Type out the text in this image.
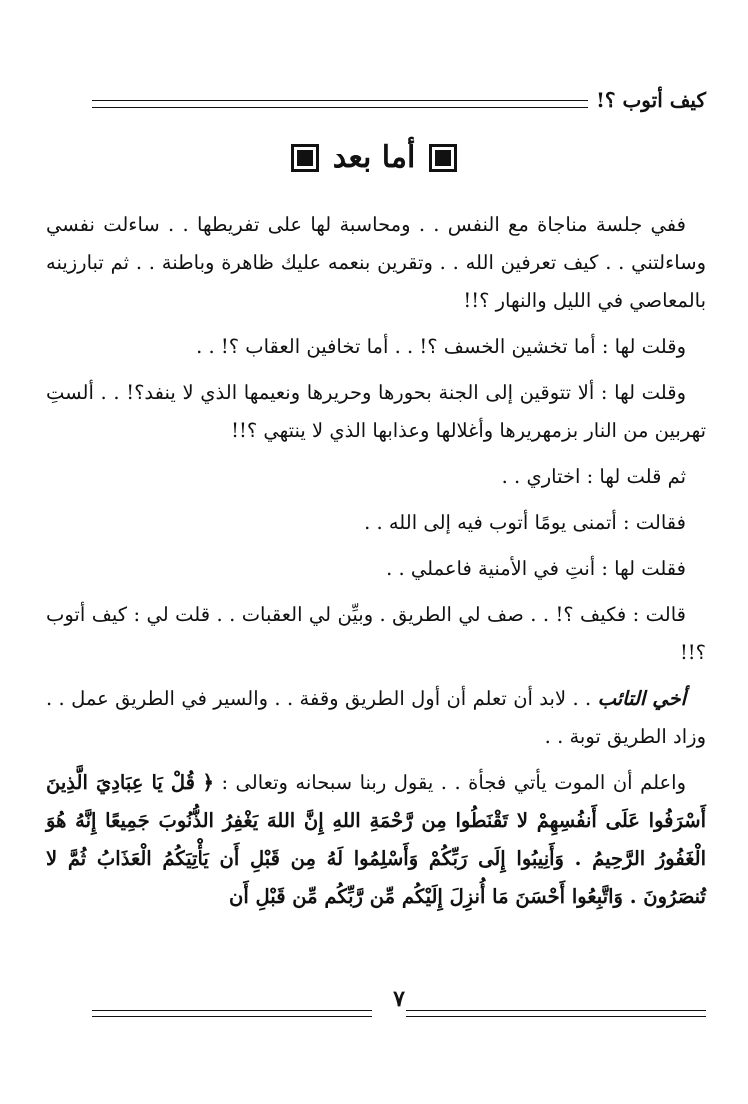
كيف أتوب ؟!
أما بعد

ففي جلسة مناجاة مع النفس . . ومحاسبة لها على تفريطها . . ساءلت نفسي وساءلتني . . كيف تعرفين الله . . وتقرين بنعمه عليك ظاهرة وباطنة . . ثم تبارزينه بالمعاصي في الليل والنهار ؟!!

وقلت لها : أما تخشين الخسف ؟! . . أما تخافين العقاب ؟! . .

وقلت لها : ألا تتوقين إلى الجنة بحورها وحريرها ونعيمها الذي لا ينفد؟! . . ألستِ تهربين من النار بزمهريرها وأغلالها وعذابها الذي لا ينتهي ؟!!

ثم قلت لها : اختاري . .

فقالت : أتمنى يومًا أتوب فيه إلى الله . .

فقلت لها : أنتِ في الأمنية فاعملي . .

قالت : فكيف ؟! . . صف لي الطريق . وبيِّن لي العقبات . . قلت لي : كيف أتوب ؟!!

أخي التائب . . لابد أن تعلم أن أول الطريق وقفة . . والسير في الطريق عمل . . وزاد الطريق توبة . .

واعلم أن الموت يأتي فجأة . . يقول ربنا سبحانه وتعالى : ﴿ قُلْ يَا عِبَادِيَ الَّذِينَ أَسْرَفُوا عَلَى أَنفُسِهِمْ لا تَقْنَطُوا مِن رَّحْمَةِ اللهِ إِنَّ اللهَ يَغْفِرُ الذُّنُوبَ جَمِيعًا إِنَّهُ هُوَ الْغَفُورُ الرَّحِيمُ . وَأَنِيبُوا إِلَى رَبِّكُمْ وَأَسْلِمُوا لَهُ مِن قَبْلِ أَن يَأْتِيَكُمُ الْعَذَابُ ثُمَّ لا تُنصَرُونَ . وَاتَّبِعُوا أَحْسَنَ مَا أُنزِلَ إِلَيْكُم مِّن رَّبِّكُم مِّن قَبْلِ أَن

٧
